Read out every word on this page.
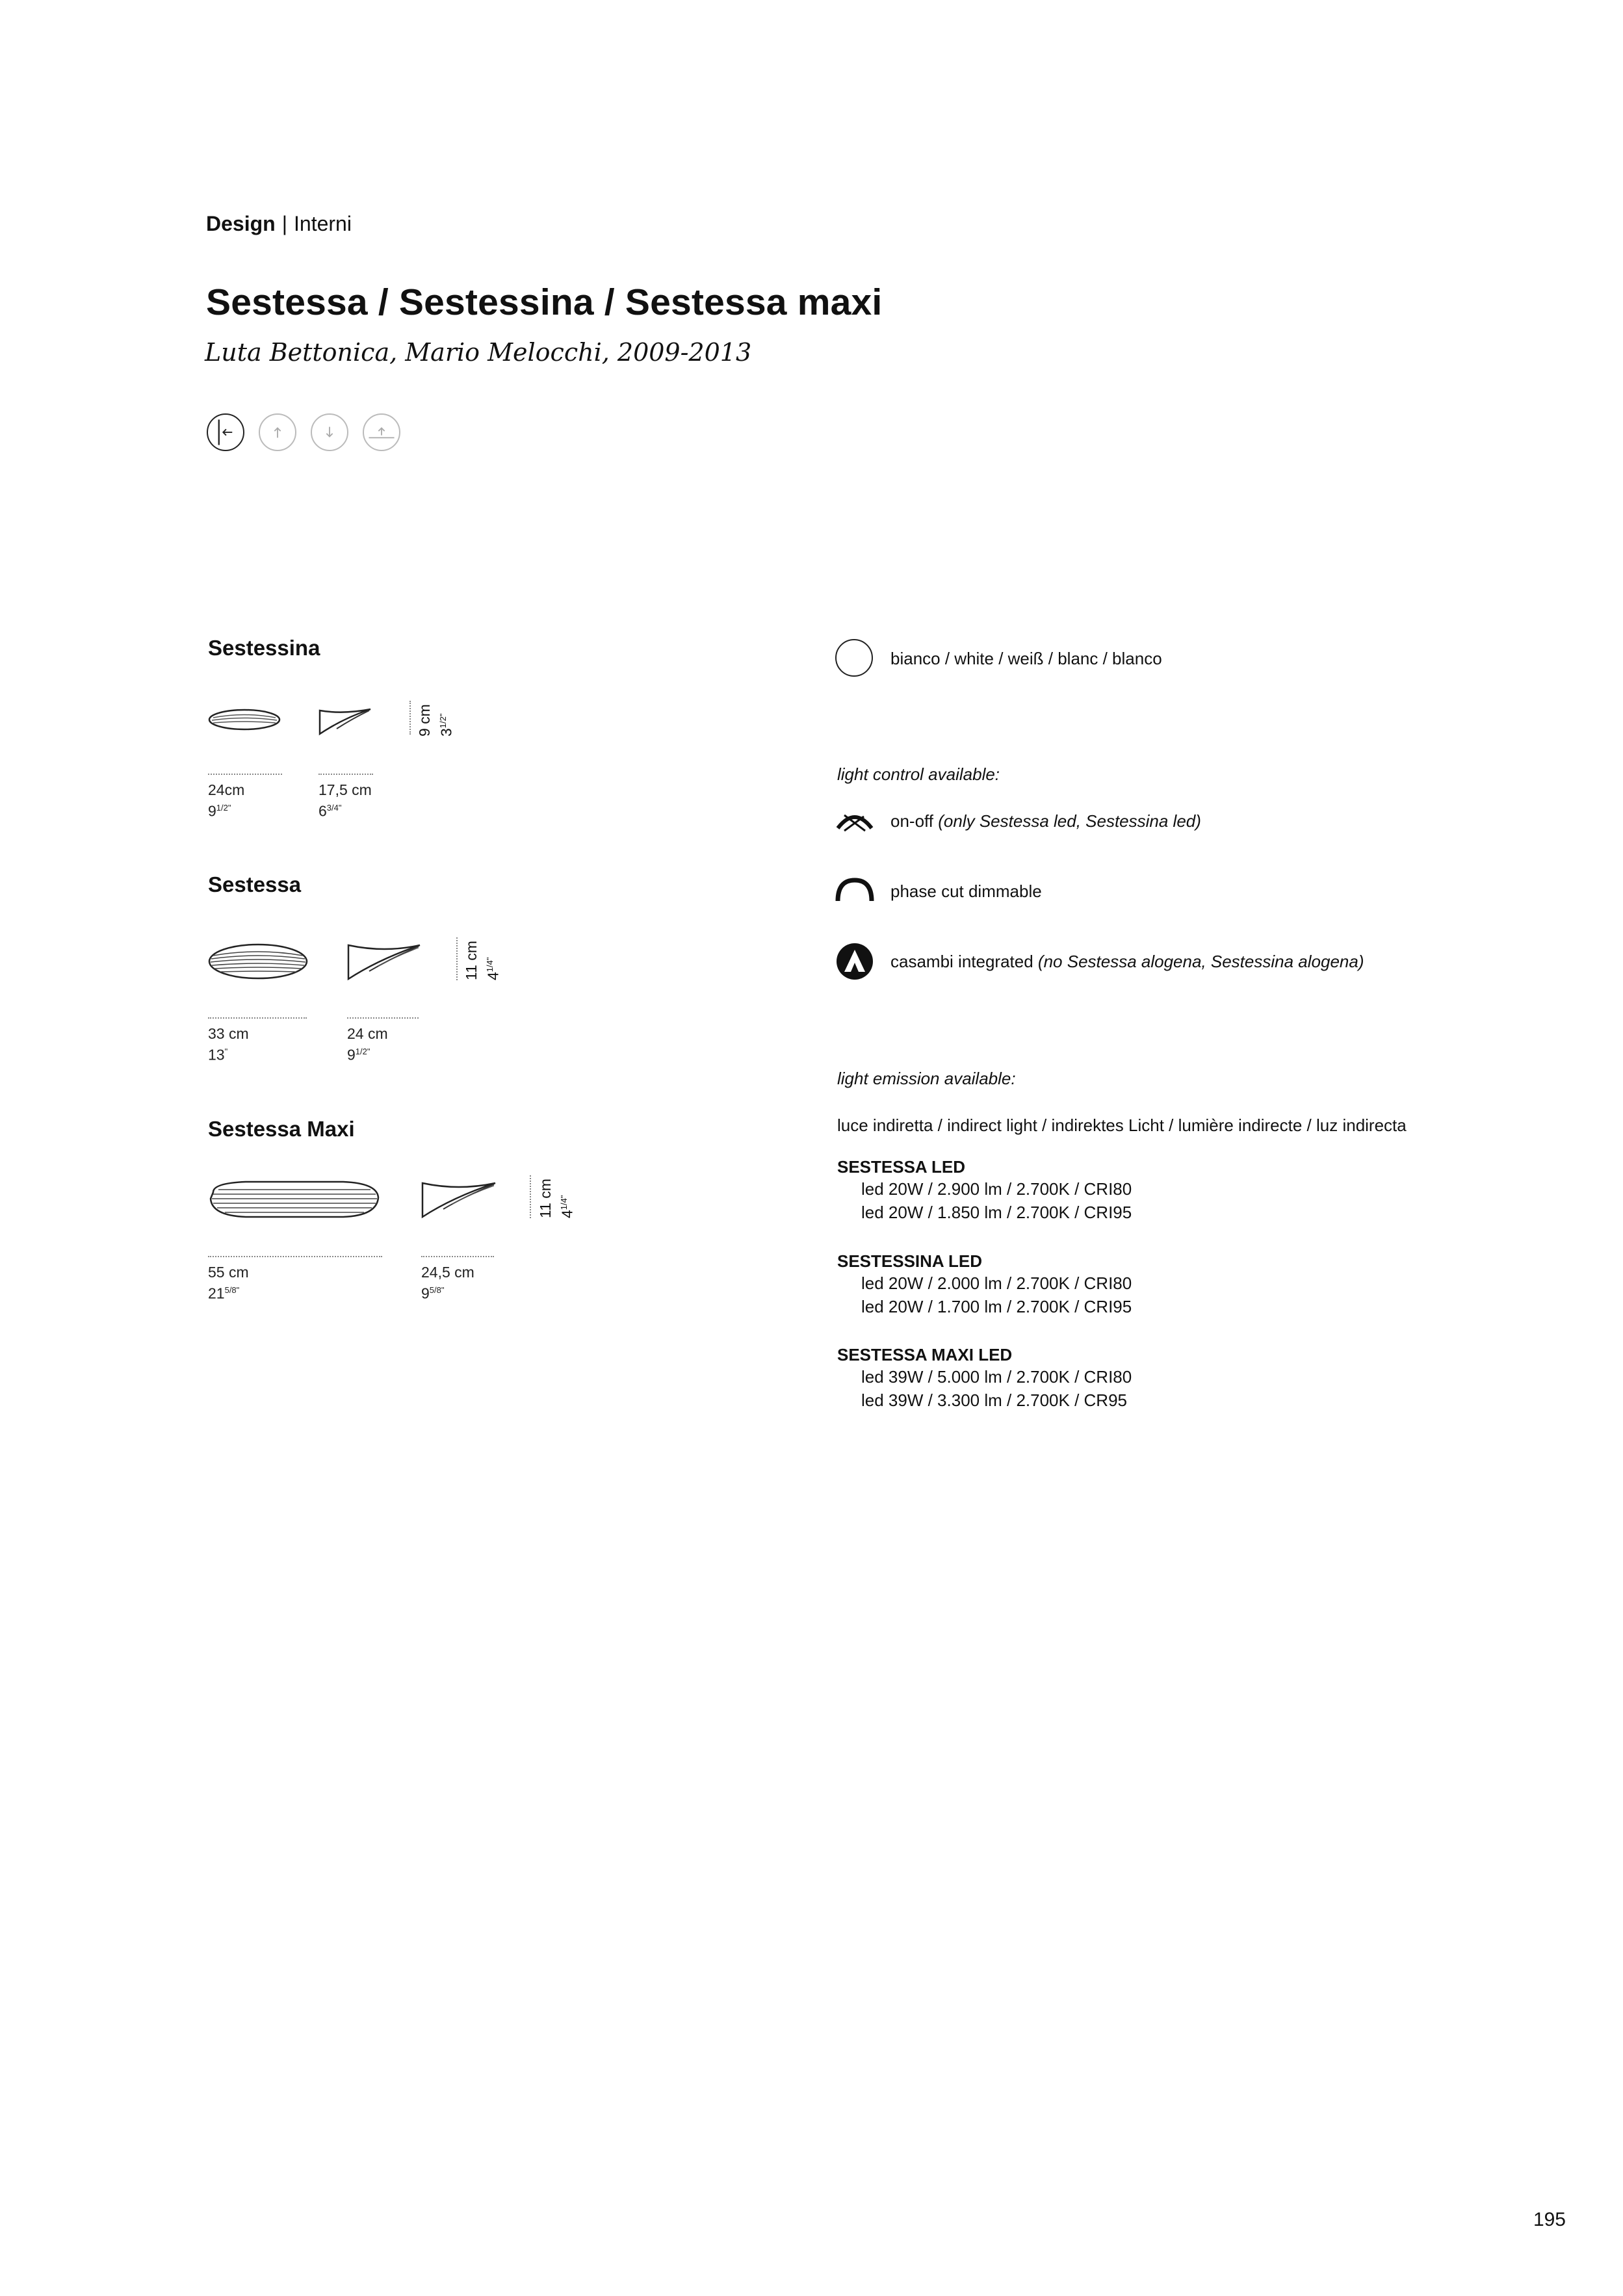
Design | Interni
Sestessa / Sestessina / Sestessa maxi
Luta Bettonica, Mario Melocchi, 2009-2013
Sestessina
9 cm $3^{1/2"}$
24cm
$9^{1/2"}$
17,5 cm
$6^{3/4"}$
Sestessa
11 cm $4^{1/4"}$
33 cm
13"
24 cm
$9^{1/2"}$
Sestessa Maxi
11 cm $4^{1/4"}$
55 cm
$21^{5/8"}$
24,5 cm
$9^{5/8"}$
bianco / white / weiß / blanc / blanco
light control available:
on-off (only Sestessa led, Sestessina led)
phase cut dimmable
casambi integrated (no Sestessa alogena, Sestessina alogena)
light emission available:
luce indiretta / indirect light / indirektes Licht / lumière indirecte / luz indirecta
SESTESSA LED
led 20W / 2.900 lm / 2.700K / CRI80
led 20W / 1.850 lm / 2.700K / CRI95
SESTESSINA LED
led 20W / 2.000 lm / 2.700K / CRI80
led 20W / 1.700 lm / 2.700K / CRI95
SESTESSA MAXI LED
led 39W / 5.000 lm / 2.700K / CRI80
led 39W / 3.300 lm / 2.700K / CR95
195
